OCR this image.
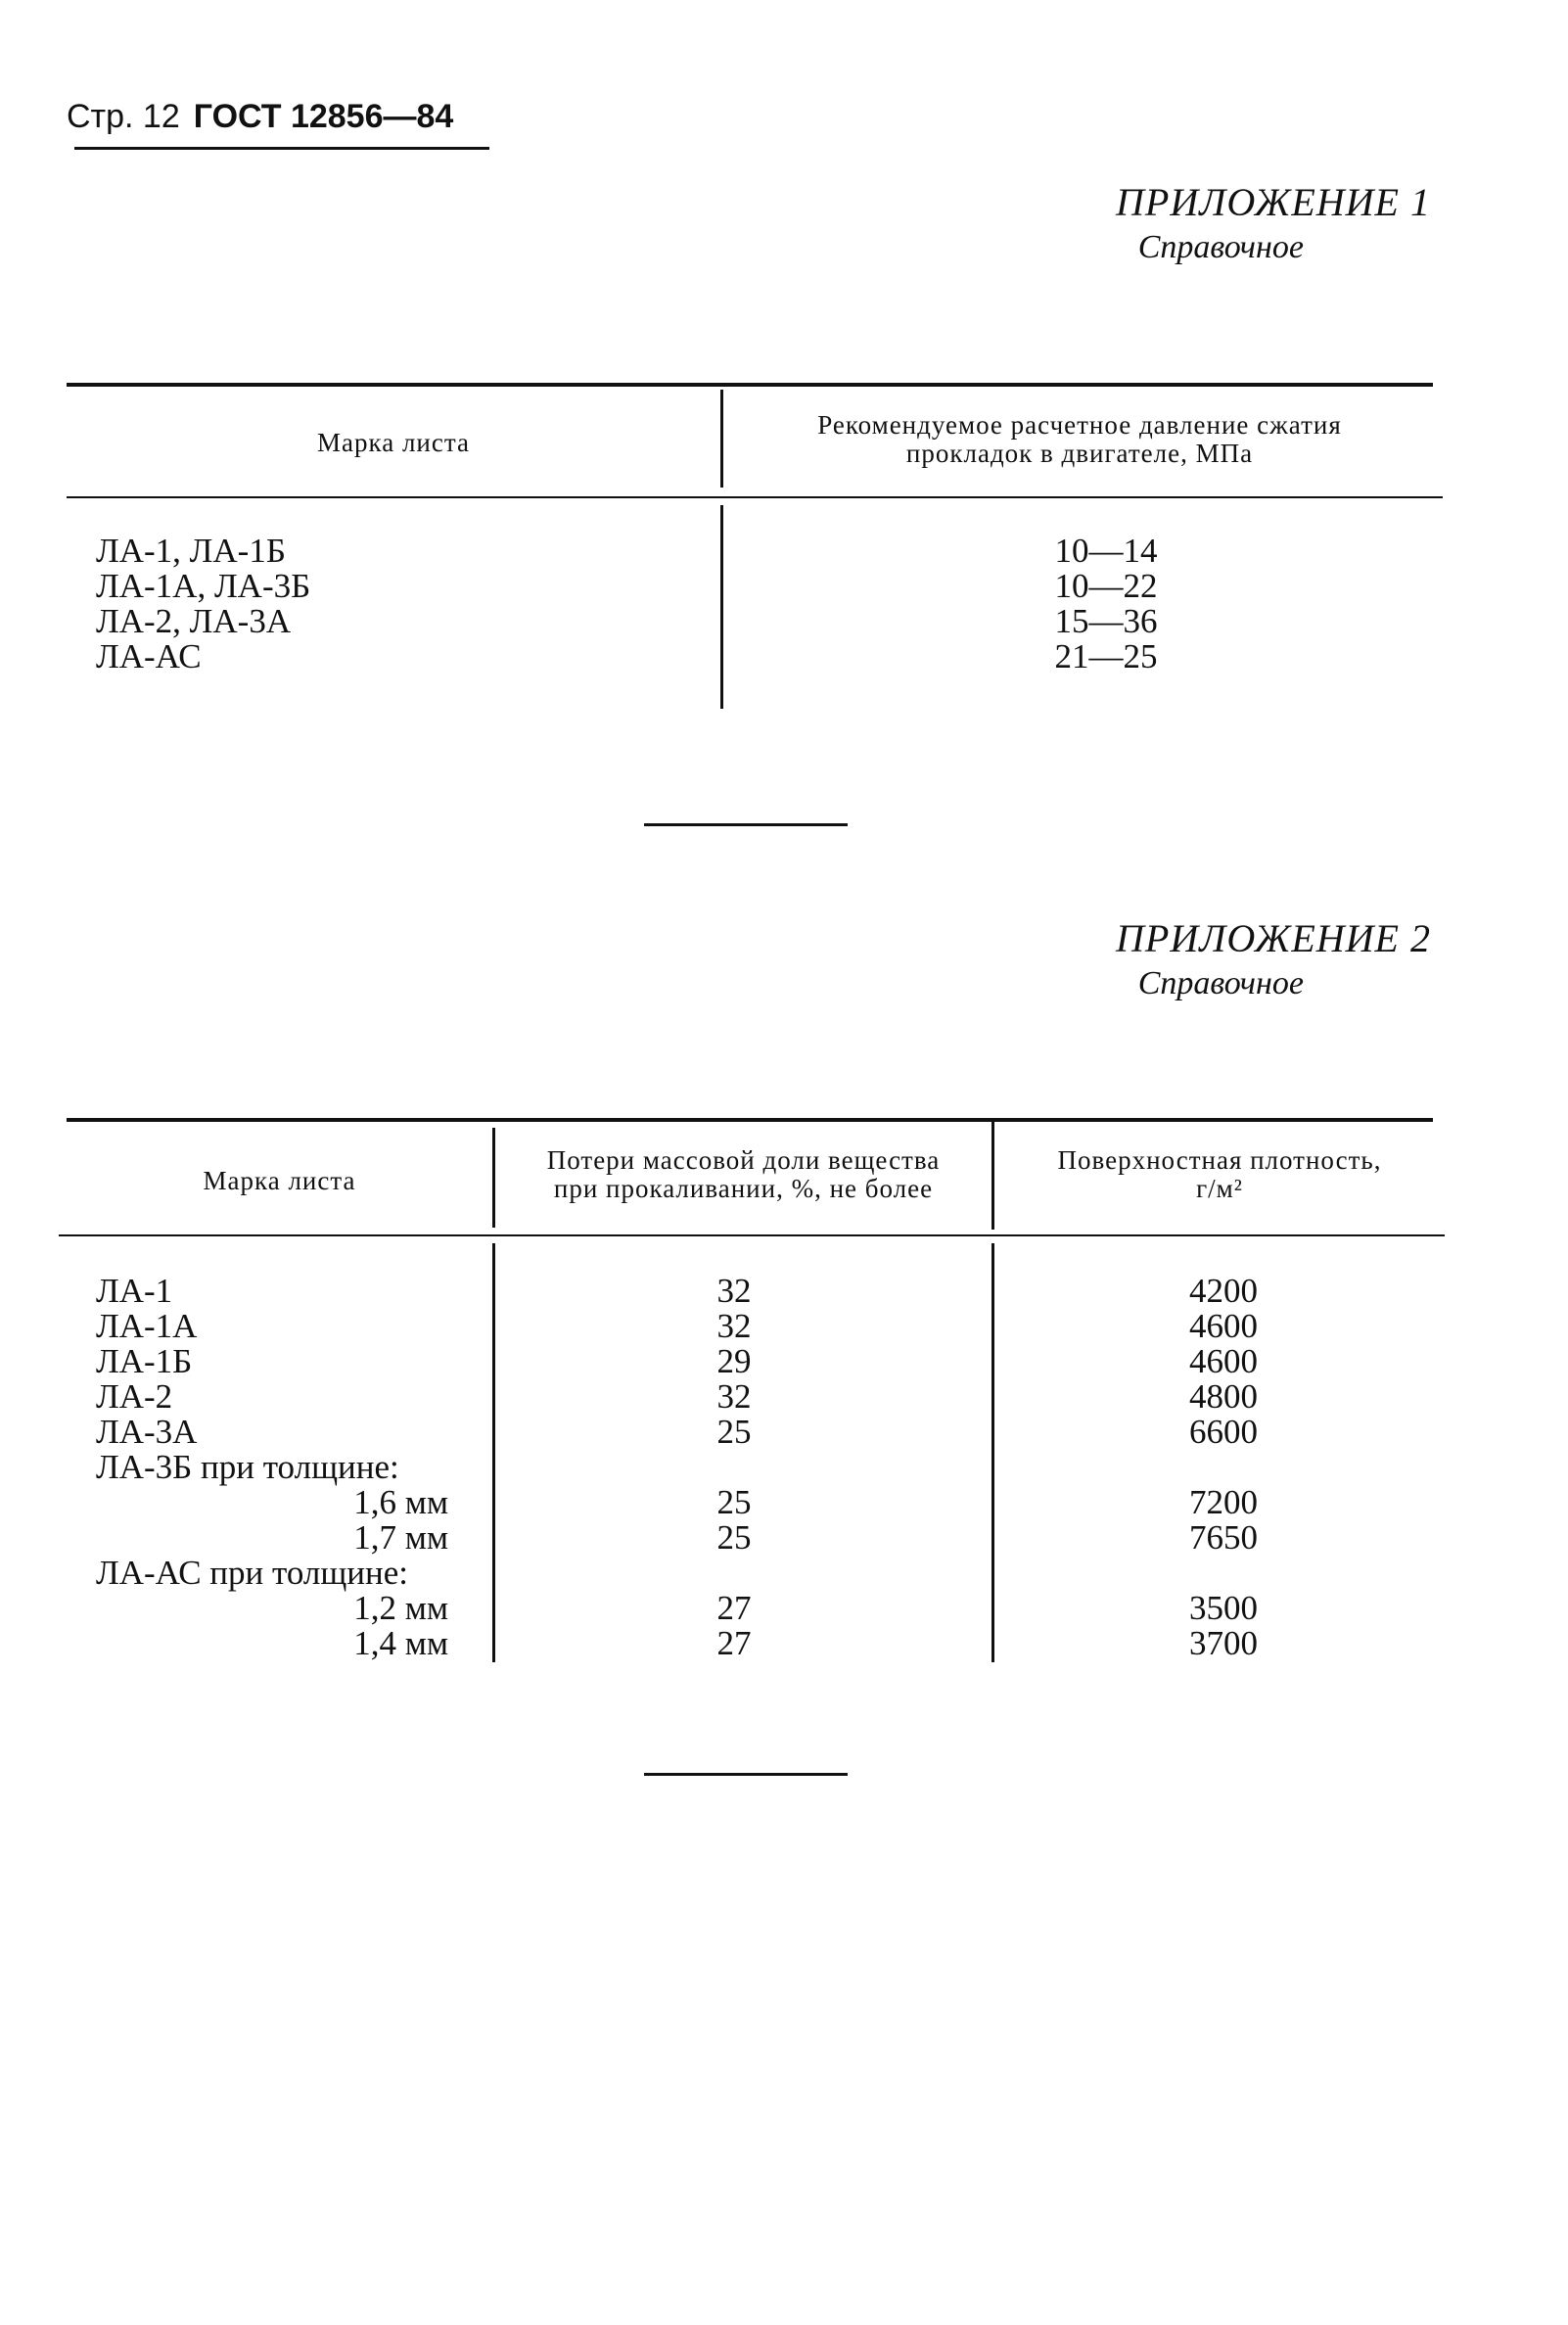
Стр. 12 ГОСТ 12856—84
ПРИЛОЖЕНИЕ 1
Справочное
Марка листа
Рекомендуемое расчетное давление сжатия
прокладок в двигателе, МПа
ЛА-1, ЛА-1Б
ЛА-1А, ЛА-3Б
ЛА-2, ЛА-3А
ЛА-АС
10—14
10—22
15—36
21—25
ПРИЛОЖЕНИЕ 2
Справочное
Марка листа
Потери массовой доли вещества
при прокаливании, %, не более
Поверхностная плотность,
г/м²
ЛА-1
ЛА-1А
ЛА-1Б
ЛА-2
ЛА-3А
ЛА-3Б при толщине:
1,6 мм
1,7 мм
ЛА-АС при толщине:
1,2 мм
1,4 мм
32
32
29
32
25
25
25
27
27
4200
4600
4600
4800
6600
7200
7650
3500
3700
